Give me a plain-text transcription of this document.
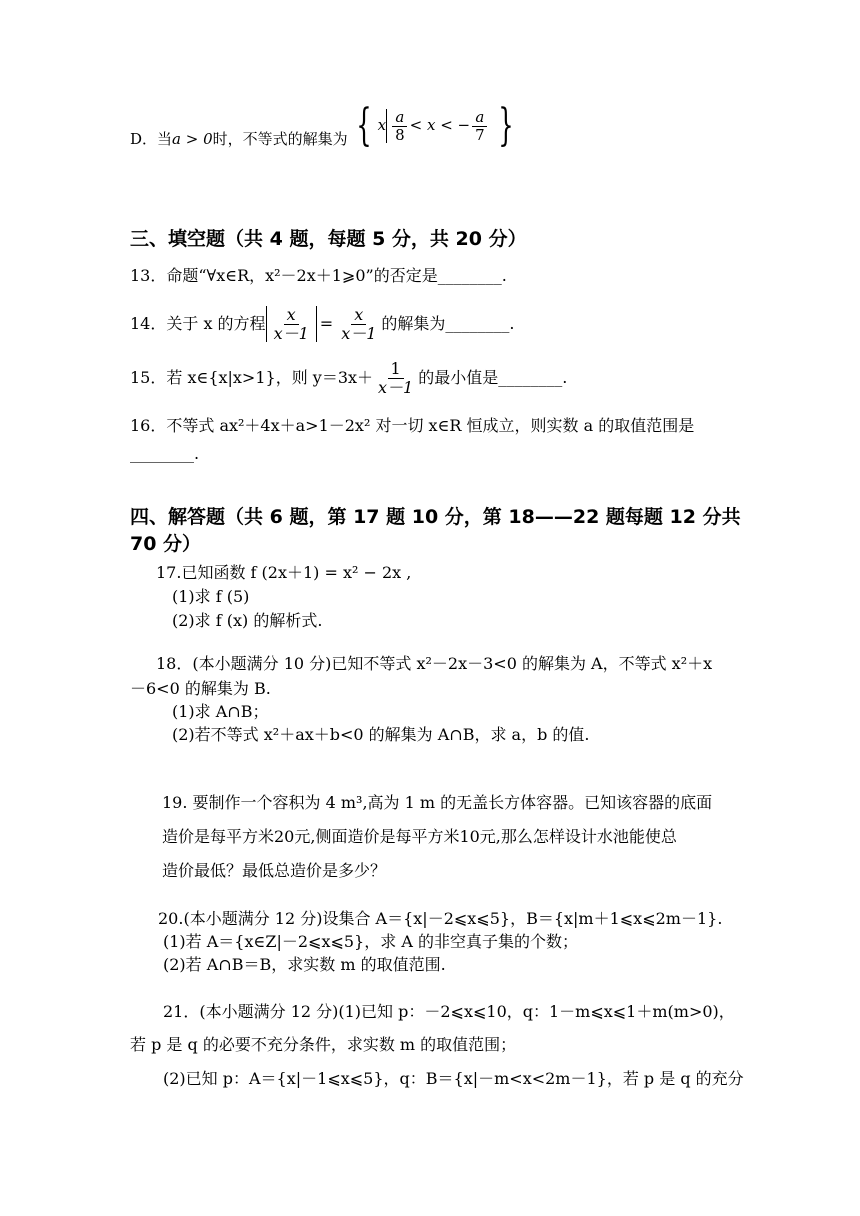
D．当a > 0时，不等式的解集为 { x $\frac{a}{8} < x$ < − $\frac{a}{7}$ }
三、填空题（共 4 题，每题 5 分，共 20 分）
13．命题“∀x∈R，x²－2x＋1⩾0”的否定是________.
14．关于 x 的方程 $\frac{x}{x-1} = \frac{x}{x-1}$ 的解集为________.
15．若 x∈{x|x>1}，则 $y=3x+ \frac{1}{x-1}$ 的最小值是________.
16．不等式 ax²＋4x＋a>1－2x² 对一切 x∈R 恒成立，则实数 a 的取值范围是
________.
四、解答题（共 6 题，第 17 题 10 分，第 18——22 题每题 12 分共
70 分）
17.已知函数 f (2x＋1) = x² − 2x ,
(1)求 f (5)
(2)求 f (x) 的解析式.
18．(本小题满分 10 分)已知不等式 x²－2x－3<0 的解集为 A，不等式 x²＋x
－6<0 的解集为 B.
(1)求 A∩B；
(2)若不等式 x²＋ax＋b<0 的解集为 A∩B，求 a，b 的值.
19. 要制作一个容积为 4 m³,高为 1 m 的无盖长方体容器。已知该容器的底面
造价是每平方米20元,侧面造价是每平方米10元,那么怎样设计水池能使总
造价最低？最低总造价是多少？
20.(本小题满分 12 分)设集合 A＝{x|－2⩽x⩽5}，B＝{x|m＋1⩽x⩽2m－1}.
(1)若 A＝{x∈Z|－2⩽x⩽5}，求 A 的非空真子集的个数；
(2)若 A∩B＝B，求实数 m 的取值范围.
21．(本小题满分 12 分)(1)已知 p：－2⩽x⩽10，q：1－m⩽x⩽1＋m(m>0)，
若 p 是 q 的必要不充分条件，求实数 m 的取值范围；
(2)已知 p：A＝{x|－1⩽x⩽5}，q：B＝{x|－m<x<2m－1}，若 p 是 q 的充分
